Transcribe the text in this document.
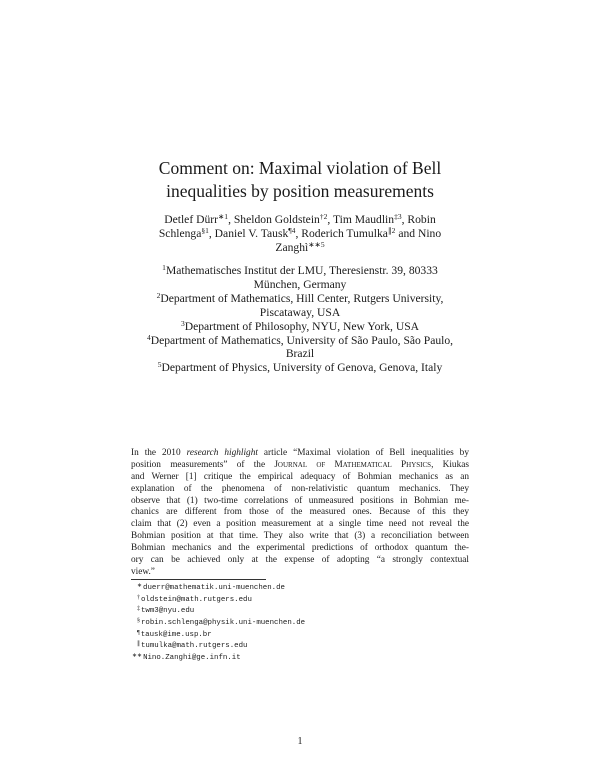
Comment on: Maximal violation of Bell
inequalities by position measurements
Detlef Dürr$^{∗1}$, Sheldon Goldstein$^{\dagger 2}$, Tim Maudlin$^{\ddagger 3}$, Robin
Schlenga$^{\S 1}$, Daniel V. Tausk$^{\P 4}$, Roderich Tumulka$^{\parallel 2}$ and Nino
Zanghì$^{∗∗5}$
$^1$Mathematisches Institut der LMU, Theresienstr. 39, 80333
München, Germany
$^2$Department of Mathematics, Hill Center, Rutgers University,
Piscataway, USA
$^3$Department of Philosophy, NYU, New York, USA
$^4$Department of Mathematics, University of São Paulo, São Paulo,
Brazil
$^5$Department of Physics, University of Genova, Genova, Italy
In the 2010 research highlight article “Maximal violation of Bell inequalities by
position measurements” of the Journal of Mathematical Physics, Kiukas
and Werner [1] critique the empirical adequacy of Bohmian mechanics as an
explanation of the phenomena of non-relativistic quantum mechanics. They
observe that (1) two-time correlations of unmeasured positions in Bohmian me-
chanics are different from those of the measured ones. Because of this they
claim that (2) even a position measurement at a single time need not reveal the
Bohmian position at that time. They also write that (3) a reconciliation between
Bohmian mechanics and the experimental predictions of orthodox quantum the-
ory can be achieved only at the expense of adopting “a strongly contextual
view.”
∗duerr@mathematik.uni-muenchen.de
†oldstein@math.rutgers.edu
‡twm3@nyu.edu
§robin.schlenga@physik.uni-muenchen.de
¶tausk@ime.usp.br
∥tumulka@math.rutgers.edu
∗∗Nino.Zanghi@ge.infn.it
1
